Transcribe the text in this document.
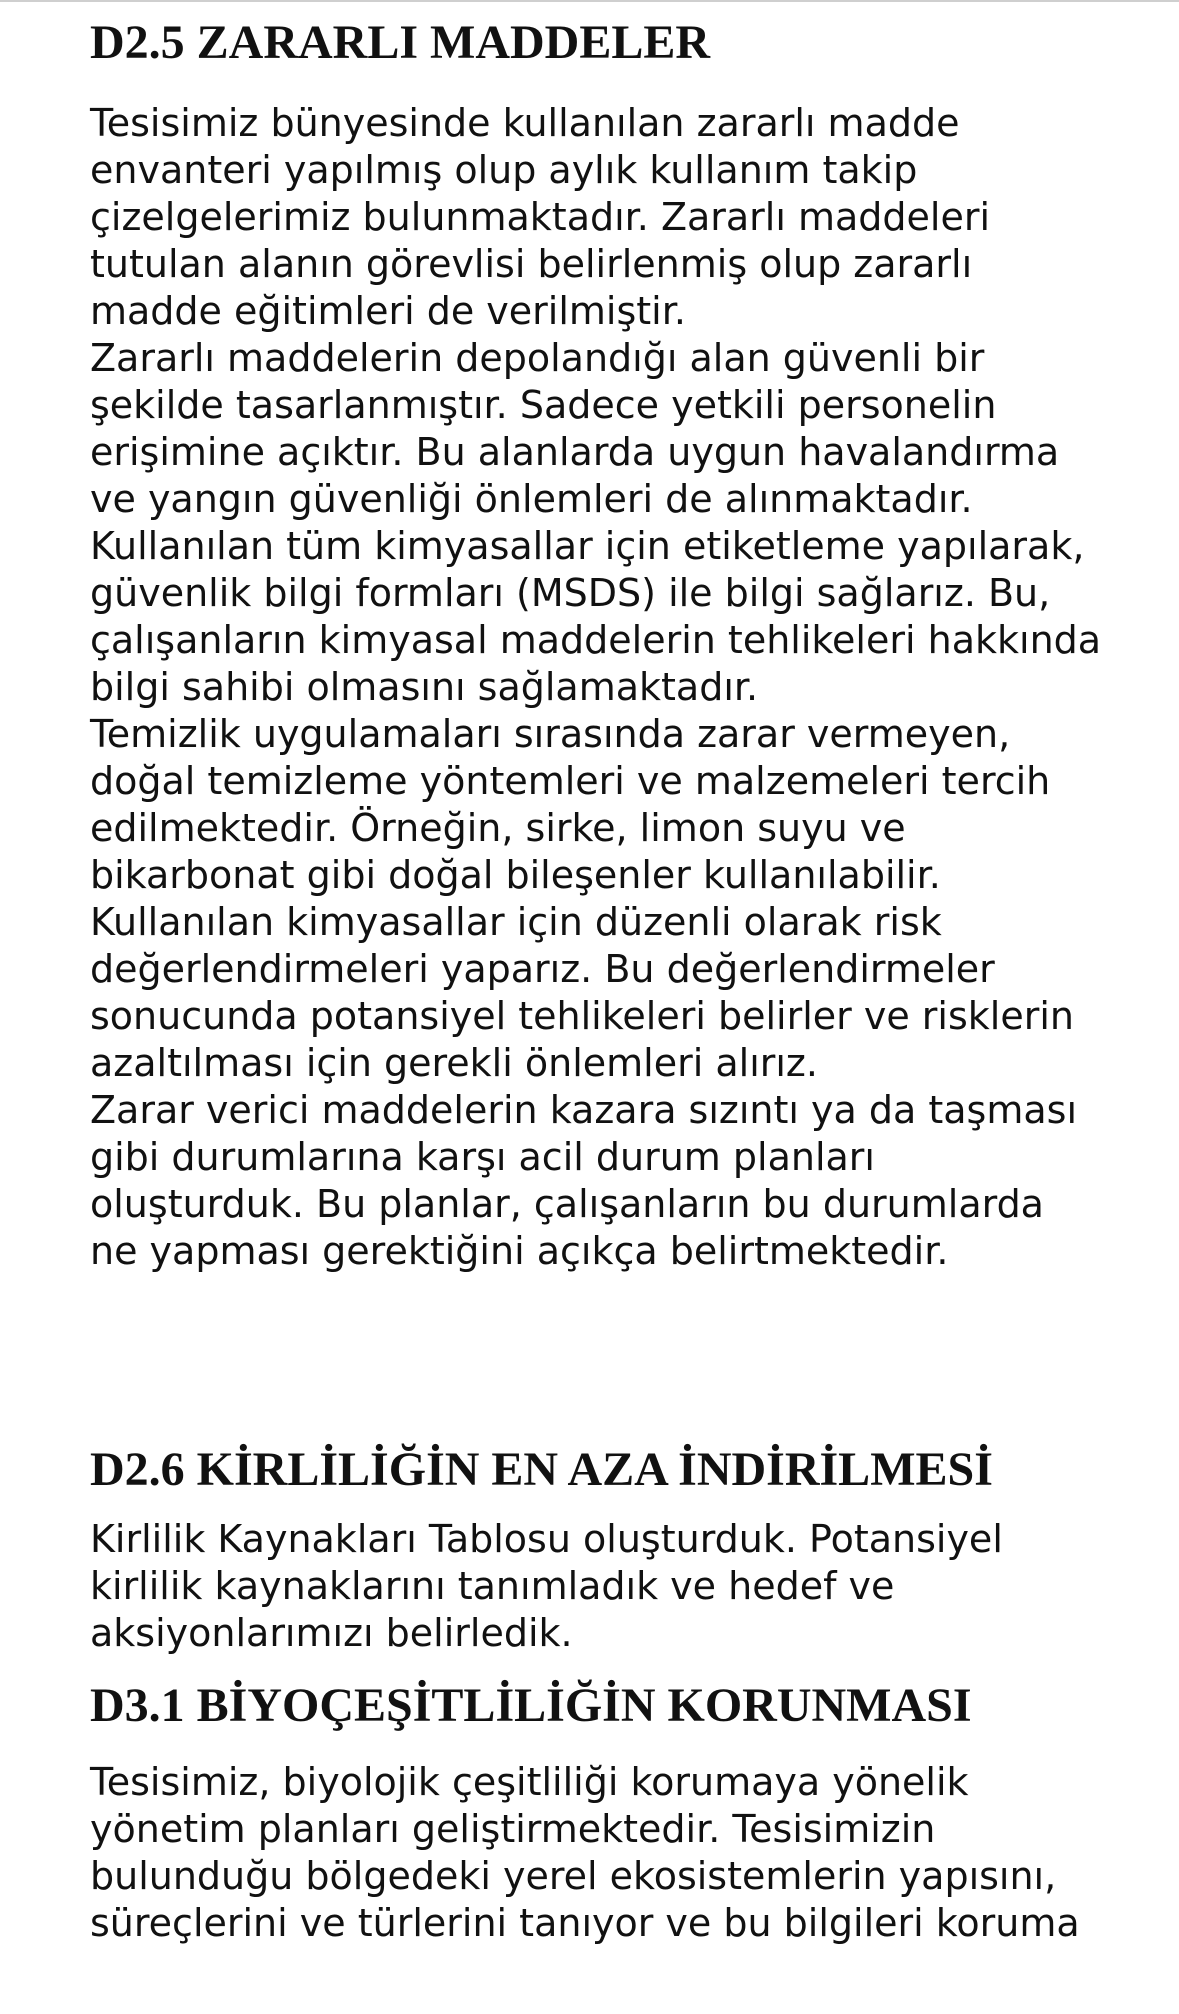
D2.5 ZARARLI MADDELER

Tesisimiz bünyesinde kullanılan zararlı madde
envanteri yapılmış olup aylık kullanım takip
çizelgelerimiz bulunmaktadır. Zararlı maddeleri
tutulan alanın görevlisi belirlenmiş olup zararlı
madde eğitimleri de verilmiştir.

Zararlı maddelerin depolandığı alan güvenli bir
şekilde tasarlanmıştır. Sadece yetkili personelin
erişimine açıktır. Bu alanlarda uygun havalandırma
ve yangın güvenliği önlemleri de alınmaktadır.

Kullanılan tüm kimyasallar için etiketleme yapılarak,
güvenlik bilgi formları (MSDS) ile bilgi sağlarız. Bu,
çalışanların kimyasal maddelerin tehlikeleri hakkında
bilgi sahibi olmasını sağlamaktadır.

Temizlik uygulamaları sırasında zarar vermeyen,
doğal temizleme yöntemleri ve malzemeleri tercih
edilmektedir. Örneğin, sirke, limon suyu ve
bikarbonat gibi doğal bileşenler kullanılabilir.

Kullanılan kimyasallar için düzenli olarak risk
değerlendirmeleri yaparız. Bu değerlendirmeler
sonucunda potansiyel tehlikeleri belirler ve risklerin
azaltılması için gerekli önlemleri alırız.

Zarar verici maddelerin kazara sızıntı ya da taşması
gibi durumlarına karşı acil durum planları
oluşturduk. Bu planlar, çalışanların bu durumlarda
ne yapması gerektiğini açıkça belirtmektedir.

D2.6 KİRLİLİĞİN EN AZA İNDİRİLMESİ

Kirlilik Kaynakları Tablosu oluşturduk. Potansiyel
kirlilik kaynaklarını tanımladık ve hedef ve
aksiyonlarımızı belirledik.

D3.1 BİYOÇEŞİTLİLİĞİN KORUNMASI

Tesisimiz, biyolojik çeşitliliği korumaya yönelik
yönetim planları geliştirmektedir. Tesisimizin
bulunduğu bölgedeki yerel ekosistemlerin yapısını,
süreçlerini ve türlerini tanıyor ve bu bilgileri koruma
